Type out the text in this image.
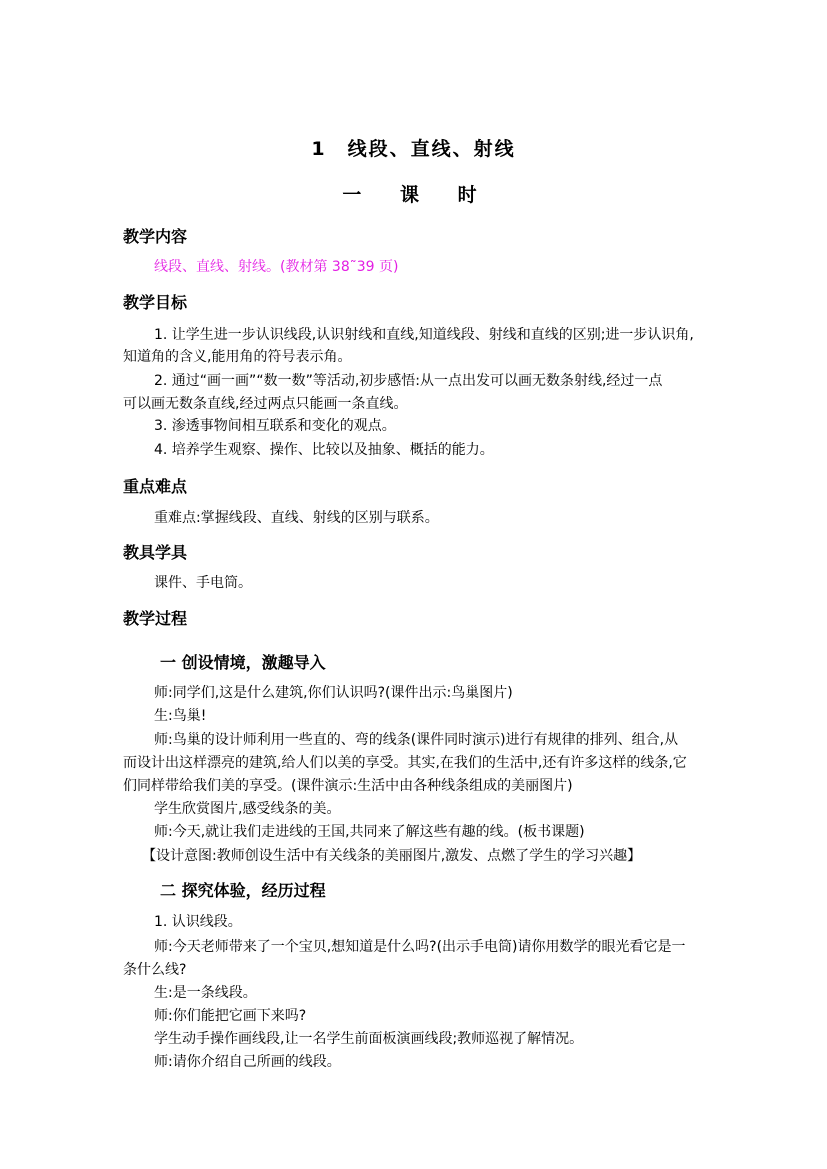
1　线段、直线、射线
一 课 时
教学内容
线段、直线、射线。(教材第 38˜39 页)
教学目标
1. 让学生进一步认识线段,认识射线和直线,知道线段、射线和直线的区别;进一步认识角,
知道角的含义,能用角的符号表示角。
2. 通过“画一画”“数一数”等活动,初步感悟:从一点出发可以画无数条射线,经过一点
可以画无数条直线,经过两点只能画一条直线。
3. 渗透事物间相互联系和变化的观点。
4. 培养学生观察、操作、比较以及抽象、概括的能力。
重点难点
重难点:掌握线段、直线、射线的区别与联系。
教具学具
课件、手电筒。
教学过程
一 创设情境，激趣导入
师:同学们,这是什么建筑,你们认识吗?(课件出示:鸟巢图片)
生:鸟巢!
师:鸟巢的设计师利用一些直的、弯的线条(课件同时演示)进行有规律的排列、组合,从
而设计出这样漂亮的建筑,给人们以美的享受。其实,在我们的生活中,还有许多这样的线条,它
们同样带给我们美的享受。(课件演示:生活中由各种线条组成的美丽图片)
学生欣赏图片,感受线条的美。
师:今天,就让我们走进线的王国,共同来了解这些有趣的线。(板书课题)
【设计意图:教师创设生活中有关线条的美丽图片,激发、点燃了学生的学习兴趣】
二 探究体验，经历过程
1. 认识线段。
师:今天老师带来了一个宝贝,想知道是什么吗?(出示手电筒)请你用数学的眼光看它是一
条什么线?
生:是一条线段。
师:你们能把它画下来吗?
学生动手操作画线段,让一名学生前面板演画线段;教师巡视了解情况。
师:请你介绍自己所画的线段。
